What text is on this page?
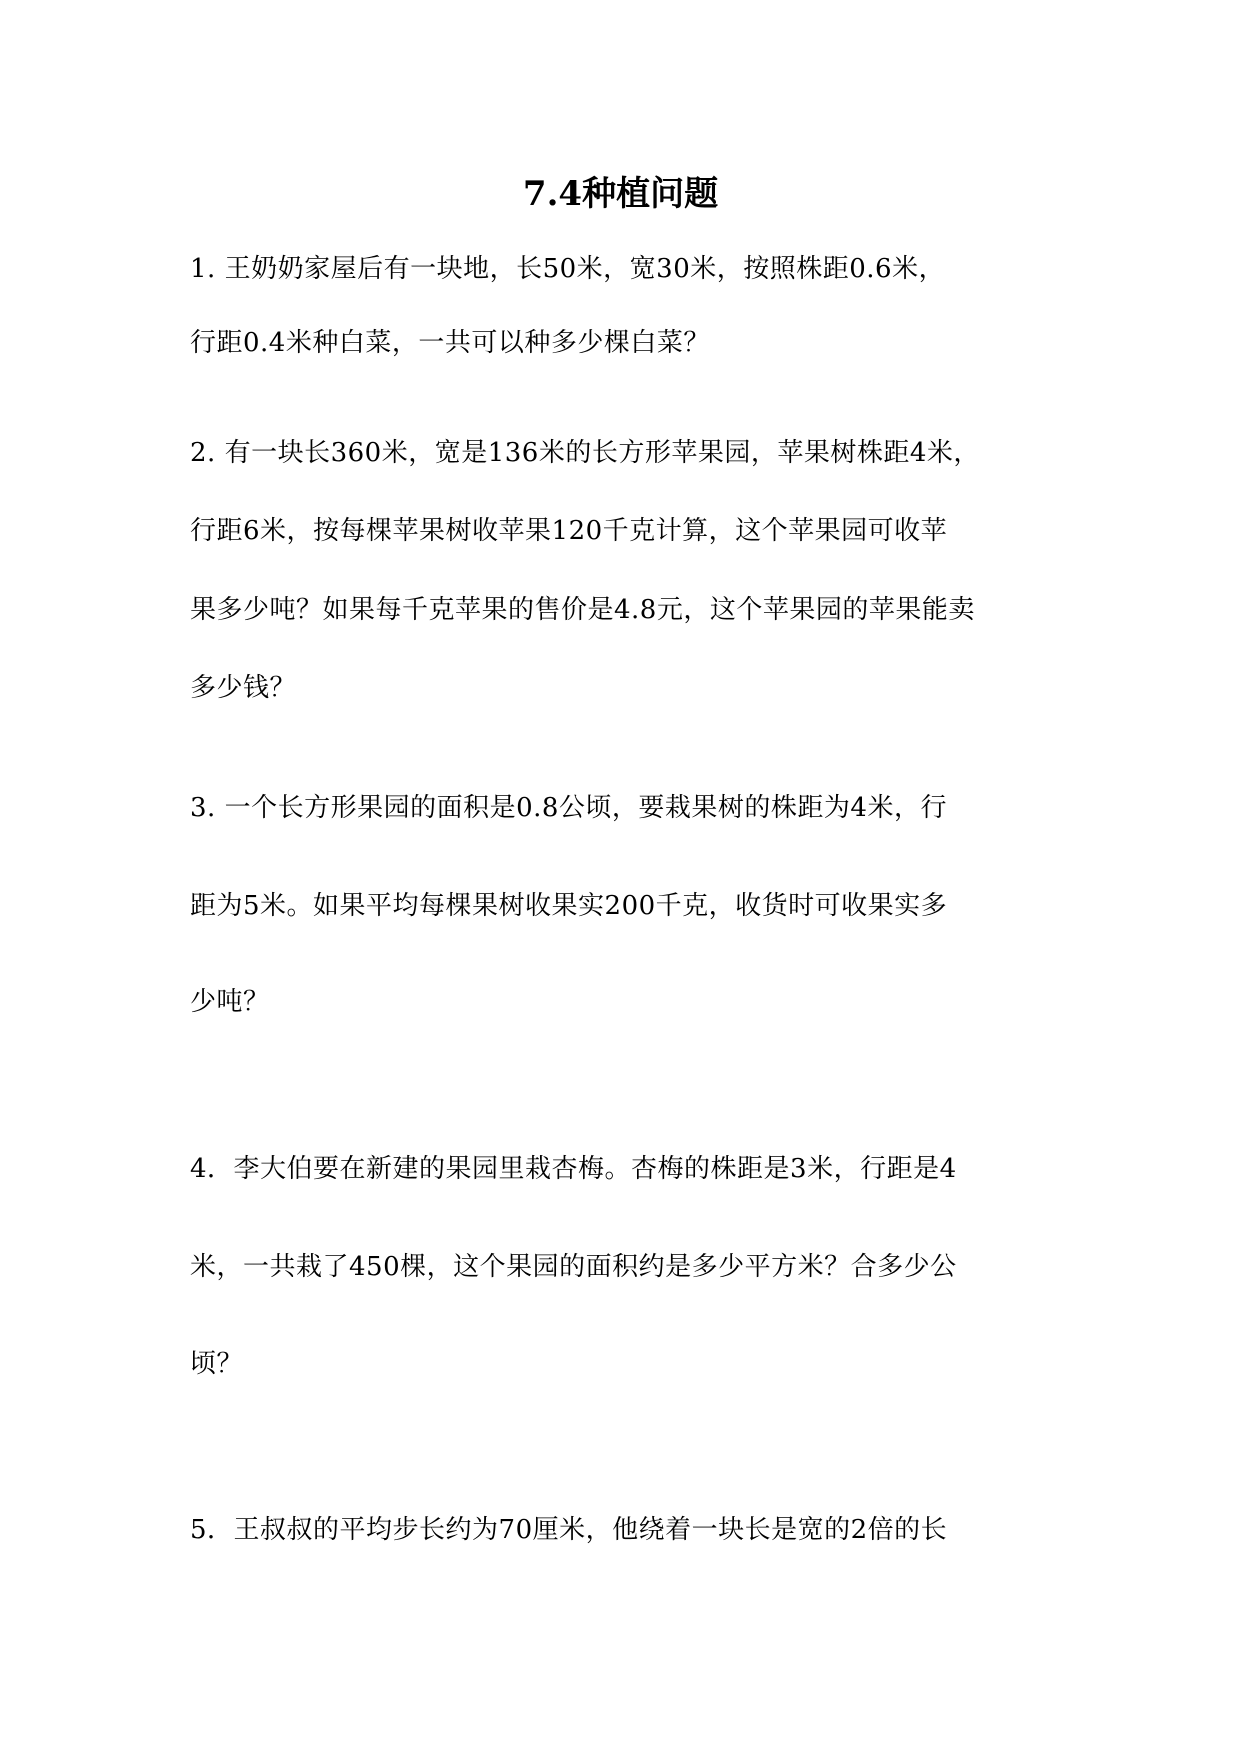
7.4种植问题
1. 王奶奶家屋后有一块地，长50米，宽30米，按照株距0.6米，
行距0.4米种白菜，一共可以种多少棵白菜？
2. 有一块长360米，宽是136米的长方形苹果园，苹果树株距4米，
行距6米，按每棵苹果树收苹果120千克计算，这个苹果园可收苹
果多少吨？如果每千克苹果的售价是4.8元，这个苹果园的苹果能卖
多少钱？
3. 一个长方形果园的面积是0.8公顷，要栽果树的株距为4米，行
距为5米。如果平均每棵果树收果实200千克，收货时可收果实多
少吨？
4．李大伯要在新建的果园里栽杏梅。杏梅的株距是3米，行距是4
米，一共栽了450棵，这个果园的面积约是多少平方米？合多少公
顷？
5．王叔叔的平均步长约为70厘米，他绕着一块长是宽的2倍的长
